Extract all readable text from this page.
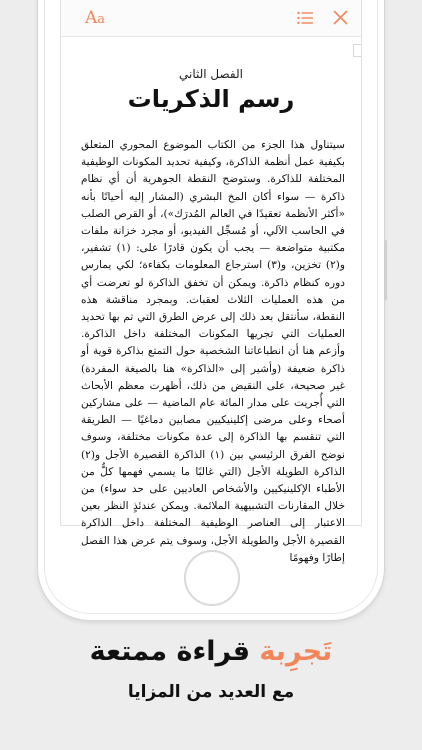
Aa
الفصل الثاني
رسم الذكريات
سيتناول هذا الجزء من الكتاب الموضوع المحوري المتعلق بكيفية عمل أنظمة الذاكرة، وكيفية تحديد المكونات الوظيفية المختلفة للذاكرة. وستوضح النقطة الجوهرية أن أي نظام ذاكرة — سواء أكان المخ البشري (المشار إليه أحيانًا بأنه «أكثر الأنظمة تعقيدًا في العالم المُدرَك»)، أو القرص الصلب في الحاسب الآلي، أو مُسجِّل الفيديو، أو مجرد خزانة ملفات مكتبية متواضعة — يجب أن يكون قادرًا على: (١) تشفير، و(٢) تخزين، و(٣) استرجاع المعلومات بكفاءة؛ لكي يمارس دوره كنظام ذاكرة. ويمكن أن تخفق الذاكرة لو تعرضت أي من هذه العمليات الثلاث لعقبات. وبمجرد مناقشة هذه النقطة، سأنتقل بعد ذلك إلى عرض الطرق التي تم بها تحديد العمليات التي تجريها المكونات المختلفة داخل الذاكرة. وأزعم هنا أن انطباعاتنا الشخصية حول التمتع بذاكرة قوية أو ذاكرة ضعيفة (وأشير إلى «الذاكرة» هنا بالصيغة المفردة) غير صحيحة، على النقيض من ذلك، أظهرت معظم الأبحاث التي أُجريت على مدار المائة عام الماضية — على مشاركين أصحاء وعلى مرضى إكلينيكيين مصابين دماغيًا — الطريقة التي تنقسم بها الذاكرة إلى عدة مكونات مختلفة، وسوف نوضح الفرق الرئيسي بين (١) الذاكرة القصيرة الأجل و(٢) الذاكرة الطويلة الأجل (التي غالبًا ما يسمي فهمها كلٌّ من الأطباء الإكلينيكيين والأشخاص العاديين على حد سواء) من خلال المقارنات التشبيهية الملائمة. ويمكن عندئذٍ النظر بعين الاعتبار إلى العناصر الوظيفية المختلفة داخل الذاكرة القصيرة الأجل والطويلة الأجل، وسوف يتم عرض هذا الفصل إطارًا وفهومًا
تَجرِبة قراءة ممتعة
مع العديد من المزايا
